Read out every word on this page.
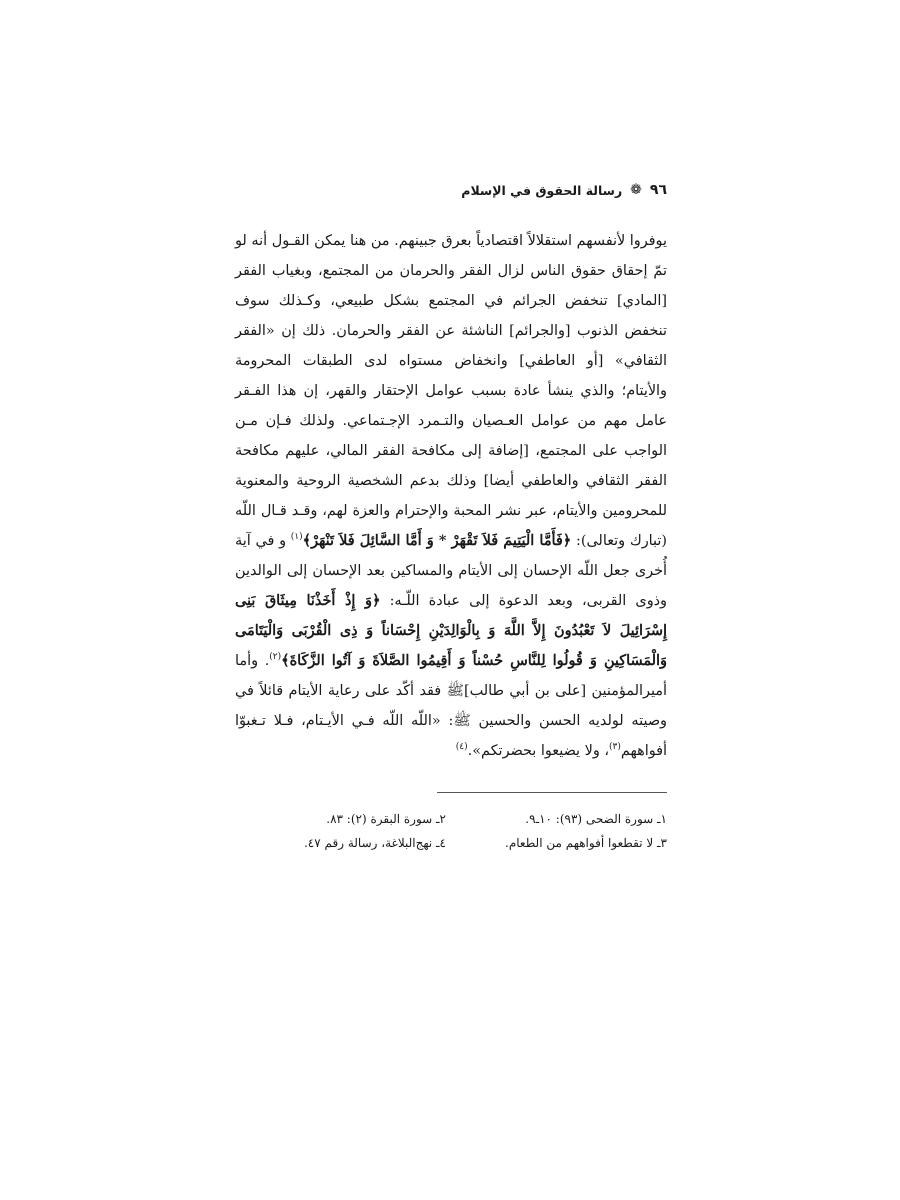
٩٦
❁
رسالة الحقوق في الإسلام

يوفروا لأنفسهم استقلالاً اقتصادياً بعرق جبينهم. من هنا يمكن القـول أنه لو تمّ إحقاق حقوق الناس لزال الفقر والحرمان من المجتمع، وبغياب الفقر [المادي] تنخفض الجرائم في المجتمع بشكل طبيعي، وكـذلك سوف تنخفض الذنوب [والجرائم] الناشئة عن الفقر والحرمان. ذلك إن «الفقر الثقافي» [أو العاطفي] وانخفاض مستواه لدى الطبقات المحرومة والأيتام؛ والذي ينشأ عادة بسبب عوامل الإحتقار والقهر، إن هذا الفـقر عامل مهم من عوامل العـصيان والتـمرد الإجـتماعي. ولذلك فـإن مـن الواجب على المجتمع، [إضافة إلى مكافحة الفقر المالي، عليهم مكافحة الفقر الثقافي والعاطفي أيضا] وذلك بدعم الشخصية الروحية والمعنوية للمحرومين والأيتام، عبر نشر المحبة والإحترام والعزة لهم، وقـد قـال اللّه (تبارك وتعالى): ﴿فَأَمَّا الْيَتِيمَ فَلاَ تَقْهَرْ * وَ أَمَّا السَّائِلَ فَلاَ تَنْهَرْ﴾$^{(١)}$ و في آية أُخرى جعل اللّه الإحسان إلى الأيتام والمساكين بعد الإحسان إلى الوالدين وذوى القربى، وبعد الدعوة إلى عبادة اللّـه: ﴿وَ إِذْ أَخَذْنَا مِيثَاقَ بَنِى إِسْرَائِيلَ لاَ تَعْبُدُونَ إِلاَّ اللَّهَ وَ بِالْوَالِدَيْنِ إِحْسَاناً وَ ذِى الْقُرْبَى وَالْيَتَامَى وَالْمَسَاكِينِ وَ قُولُوا لِلنَّاسِ حُسْناً وَ أَقِيمُوا الصَّلاَةَ وَ آتُوا الزَّكَاةَ﴾$^{(٢)}$. وأما أميرالمؤمنين [على بن أبي طالب]ﷺ فقد أكّد على رعاية الأيتام قائلاً في وصيته لولديه الحسن والحسين ﷺ: «اللّه اللّه فـي الأيـتام، فـلا تـغبوّا أفواههم$^{(٣)}$، ولا يضيعوا بحضرتكم».$^{(٤)}$

١ـ سورة الضحى (٩٣): ١٠ـ٩.
٢ـ سورة البقرة (٢): ٨٣.
٣ـ لا تقطعوا أفواههم من الطعام.
٤ـ نهج‌البلاغة، رسالة رقم ٤٧.
